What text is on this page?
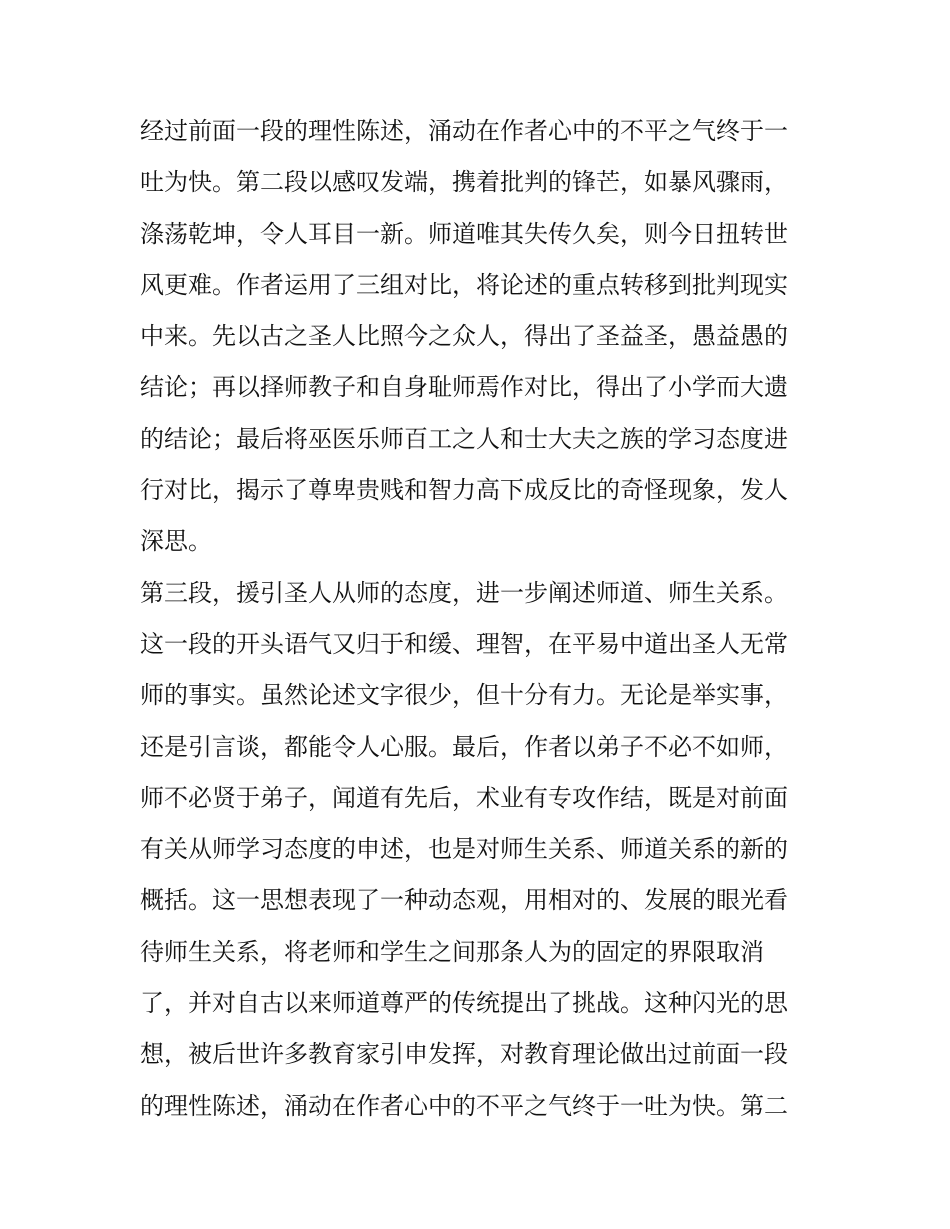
经过前面一段的理性陈述，涌动在作者心中的不平之气终于一
吐为快。第二段以感叹发端，携着批判的锋芒，如暴风骤雨，
涤荡乾坤，令人耳目一新。师道唯其失传久矣，则今日扭转世
风更难。作者运用了三组对比，将论述的重点转移到批判现实
中来。先以古之圣人比照今之众人，得出了圣益圣，愚益愚的
结论；再以择师教子和自身耻师焉作对比，得出了小学而大遗
的结论；最后将巫医乐师百工之人和士大夫之族的学习态度进
行对比，揭示了尊卑贵贱和智力高下成反比的奇怪现象，发人
深思。
第三段，援引圣人从师的态度，进一步阐述师道、师生关系。
这一段的开头语气又归于和缓、理智，在平易中道出圣人无常
师的事实。虽然论述文字很少，但十分有力。无论是举实事，
还是引言谈，都能令人心服。最后，作者以弟子不必不如师，
师不必贤于弟子，闻道有先后，术业有专攻作结，既是对前面
有关从师学习态度的申述，也是对师生关系、师道关系的新的
概括。这一思想表现了一种动态观，用相对的、发展的眼光看
待师生关系，将老师和学生之间那条人为的固定的界限取消
了，并对自古以来师道尊严的传统提出了挑战。这种闪光的思
想，被后世许多教育家引申发挥，对教育理论做出过前面一段
的理性陈述，涌动在作者心中的不平之气终于一吐为快。第二
